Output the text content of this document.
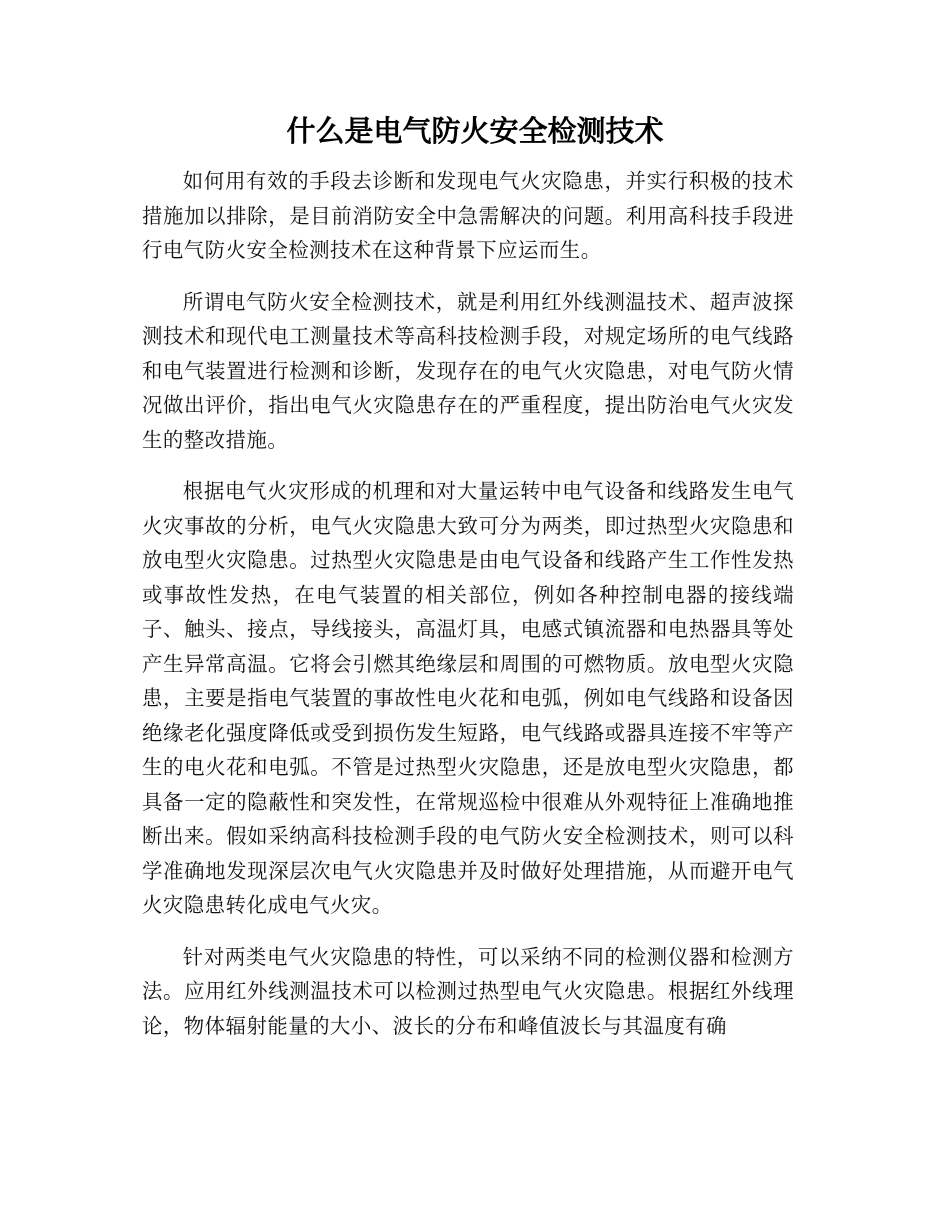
什么是电气防火安全检测技术

如何用有效的手段去诊断和发现电气火灾隐患，并实行积极的技术措施加以排除，是目前消防安全中急需解决的问题。利用高科技手段进行电气防火安全检测技术在这种背景下应运而生。

所谓电气防火安全检测技术，就是利用红外线测温技术、超声波探测技术和现代电工测量技术等高科技检测手段，对规定场所的电气线路和电气装置进行检测和诊断，发现存在的电气火灾隐患，对电气防火情况做出评价，指出电气火灾隐患存在的严重程度，提出防治电气火灾发生的整改措施。

根据电气火灾形成的机理和对大量运转中电气设备和线路发生电气火灾事故的分析，电气火灾隐患大致可分为两类，即过热型火灾隐患和放电型火灾隐患。过热型火灾隐患是由电气设备和线路产生工作性发热或事故性发热，在电气装置的相关部位，例如各种控制电器的接线端子、触头、接点，导线接头，高温灯具，电感式镇流器和电热器具等处产生异常高温。它将会引燃其绝缘层和周围的可燃物质。放电型火灾隐患，主要是指电气装置的事故性电火花和电弧，例如电气线路和设备因绝缘老化强度降低或受到损伤发生短路，电气线路或器具连接不牢等产生的电火花和电弧。不管是过热型火灾隐患，还是放电型火灾隐患，都具备一定的隐蔽性和突发性，在常规巡检中很难从外观特征上准确地推断出来。假如采纳高科技检测手段的电气防火安全检测技术，则可以科学准确地发现深层次电气火灾隐患并及时做好处理措施，从而避开电气火灾隐患转化成电气火灾。

针对两类电气火灾隐患的特性，可以采纳不同的检测仪器和检测方法。应用红外线测温技术可以检测过热型电气火灾隐患。根据红外线理论，物体辐射能量的大小、波长的分布和峰值波长与其温度有确
